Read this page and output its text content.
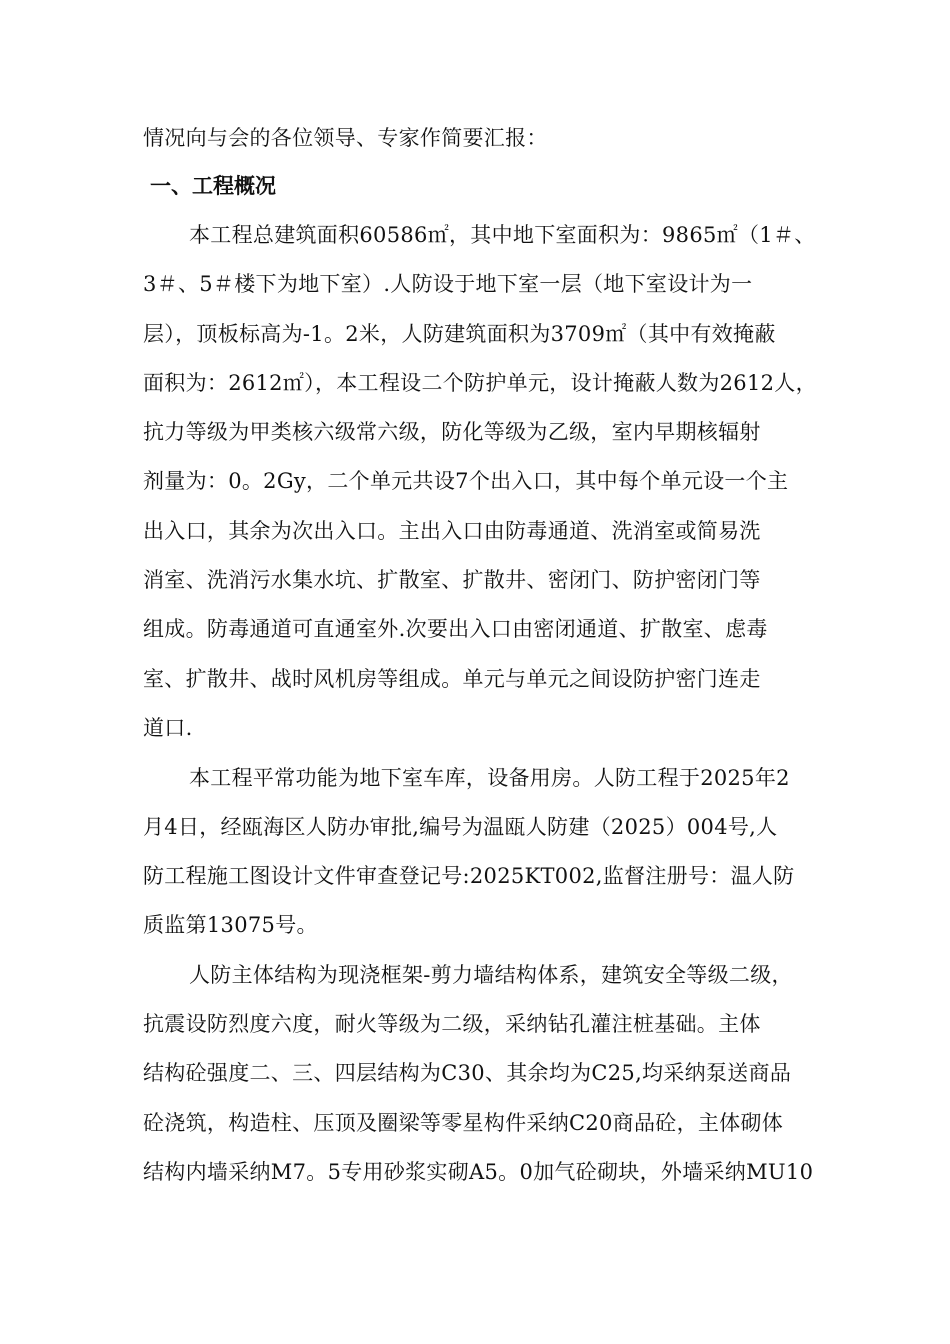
情况向与会的各位领导、专家作简要汇报：
一、工程概况
本工程总建筑面积60586㎡，其中地下室面积为：9865㎡（1＃、
3＃、5＃楼下为地下室）.人防设于地下室一层（地下室设计为一
层），顶板标高为-1。2米，人防建筑面积为3709㎡（其中有效掩蔽
面积为：2612㎡），本工程设二个防护单元，设计掩蔽人数为2612人，
抗力等级为甲类核六级常六级，防化等级为乙级，室内早期核辐射
剂量为：0。2Gy，二个单元共设7个出入口，其中每个单元设一个主
出入口，其余为次出入口。主出入口由防毒通道、洗消室或简易洗
消室、洗消污水集水坑、扩散室、扩散井、密闭门、防护密闭门等
组成。防毒通道可直通室外.次要出入口由密闭通道、扩散室、虑毒
室、扩散井、战时风机房等组成。单元与单元之间设防护密门连走
道口.
本工程平常功能为地下室车库，设备用房。人防工程于2025年2
月4日，经瓯海区人防办审批,编号为温瓯人防建（2025）004号,人
防工程施工图设计文件审查登记号:2025KT002,监督注册号：温人防
质监第13075号。
人防主体结构为现浇框架-剪力墙结构体系，建筑安全等级二级，
抗震设防烈度六度，耐火等级为二级，采纳钻孔灌注桩基础。主体
结构砼强度二、三、四层结构为C30、其余均为C25,均采纳泵送商品
砼浇筑，构造柱、压顶及圈梁等零星构件采纳C20商品砼，主体砌体
结构内墙采纳M7。5专用砂浆实砌A5。0加气砼砌块，外墙采纳MU10
